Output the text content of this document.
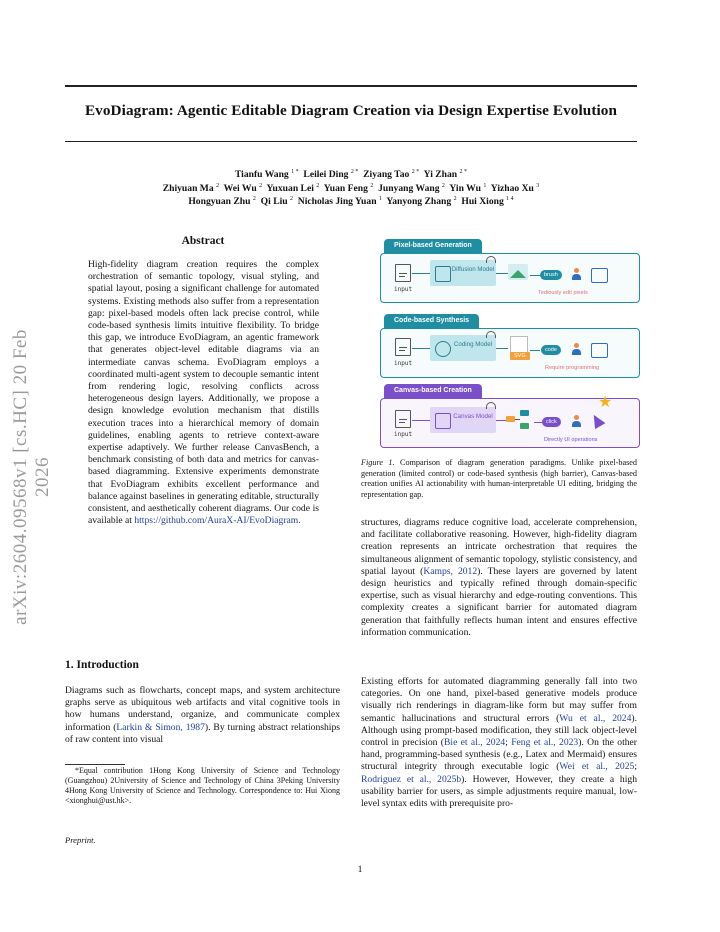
EvoDiagram: Agentic Editable Diagram Creation via Design Expertise Evolution
Tianfu Wang $^{1 *}$  Leilei Ding $^{2 *}$  Ziyang Tao $^{2 *}$  Yi Zhan $^{2 *}$
Zhiyuan Ma $^2$  Wei Wu $^2$  Yuxuan Lei $^2$  Yuan Feng $^2$  Junyang Wang $^2$  Yin Wu $^1$  Yizhao Xu $^3$
Hongyuan Zhu $^2$  Qi Liu $^2$  Nicholas Jing Yuan $^1$  Yanyong Zhang $^2$  Hui Xiong $^{1 4}$
arXiv:2604.09568v1 [cs.HC] 20 Feb 2026
Abstract

High-fidelity diagram creation requires the complex orchestration of semantic topology, visual styling, and spatial layout, posing a significant challenge for automated systems. Existing methods also suffer from a representation gap: pixel-based models often lack precise control, while code-based synthesis limits intuitive flexibility. To bridge this gap, we introduce EvoDiagram, an agentic framework that generates object-level editable diagrams via an intermediate canvas schema. EvoDiagram employs a coordinated multi-agent system to decouple semantic intent from rendering logic, resolving conflicts across heterogeneous design layers. Additionally, we propose a design knowledge evolution mechanism that distills execution traces into a hierarchical memory of domain guidelines, enabling agents to retrieve context-aware expertise adaptively. We further release CanvasBench, a benchmark consisting of both data and metrics for canvas-based diagramming. Extensive experiments demonstrate that EvoDiagram exhibits excellent performance and balance against baselines in generating editable, structurally consistent, and aesthetically coherent diagrams. Our code is available at https://github.com/AuraX-AI/EvoDiagram.

1. Introduction

Diagrams such as flowcharts, concept maps, and system architecture graphs serve as ubiquitous web artifacts and vital cognitive tools in how humans understand, organize, and communicate complex information (Larkin & Simon, 1987). By turning abstract relationships of raw content into visual

*Equal contribution 1Hong Kong University of Science and Technology (Guangzhou) 2University of Science and Technology of China 3Peking University 4Hong Kong University of Science and Technology. Correspondence to: Hui Xiong <xionghui@ust.hk>.

Preprint.
1
Pixel-based Generation
input
Diffusion Model
brush
Tediously edit pixels
Code-based Synthesis
input
Coding Model
SVG
code
Require programming
Canvas-based Creation
input
Canvas Model
click
★
Directly UI operations

Figure 1. Comparison of diagram generation paradigms. Unlike pixel-based generation (limited control) or code-based synthesis (high barrier), Canvas-based creation unifies AI actionability with human-interpretable UI editing, bridging the representation gap.

structures, diagrams reduce cognitive load, accelerate comprehension, and facilitate collaborative reasoning. However, high-fidelity diagram creation represents an intricate orchestration that requires the simultaneous alignment of semantic topology, stylistic consistency, and spatial layout (Kamps, 2012). These layers are governed by latent design heuristics and typically refined through domain-specific expertise, such as visual hierarchy and edge-routing conventions. This complexity creates a significant barrier for automated diagram generation that faithfully reflects human intent and ensures effective information communication.

Existing efforts for automated diagramming generally fall into two categories. On one hand, pixel-based generative models produce visually rich renderings in diagram-like form but may suffer from semantic hallucinations and structural errors (Wu et al., 2024). Although using prompt-based modification, they still lack object-level control in precision (Bie et al., 2024; Feng et al., 2023). On the other hand, programming-based synthesis (e.g., Latex and Mermaid) ensures structural integrity through executable logic (Wei et al., 2025; Rodriguez et al., 2025b). However, However, they create a high usability barrier for users, as simple adjustments require manual, low-level syntax edits with prerequisite pro-
